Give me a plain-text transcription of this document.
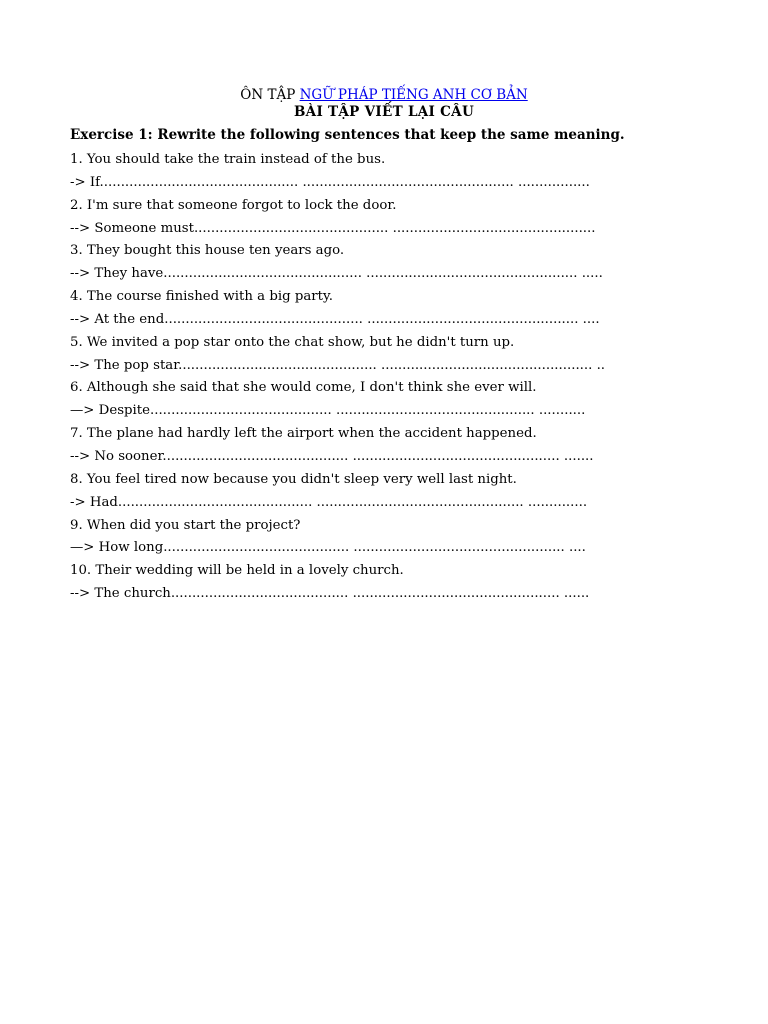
ÔN TẬP NGỮ PHÁP TIẾNG ANH CƠ BẢN
BÀI TẬP VIẾT LẠI CÂU
Exercise 1: Rewrite the following sentences that keep the same meaning.
1. You should take the train instead of the bus.
-> If............................................... .................................................. .................
2. I'm sure that someone forgot to lock the door.
--> Someone must.............................................. ................................................
3. They bought this house ten years ago.
--> They have............................................... .................................................. .....
4. The course finished with a big party.
--> At the end............................................... .................................................. ....
5. We invited a pop star onto the chat show, but he didn't turn up.
--> The pop star............................................... .................................................. ..
6. Although she said that she would come, I don't think she ever will.
—> Despite........................................... ............................................... ...........
7. The plane had hardly left the airport when the accident happened.
--> No sooner............................................ ................................................. .......
8. You feel tired now because you didn't sleep very well last night.
-> Had.............................................. ................................................. ..............
9. When did you start the project?
—> How long............................................ .................................................. ....
10. Their wedding will be held in a lovely church.
--> The church.......................................... ................................................. ......
